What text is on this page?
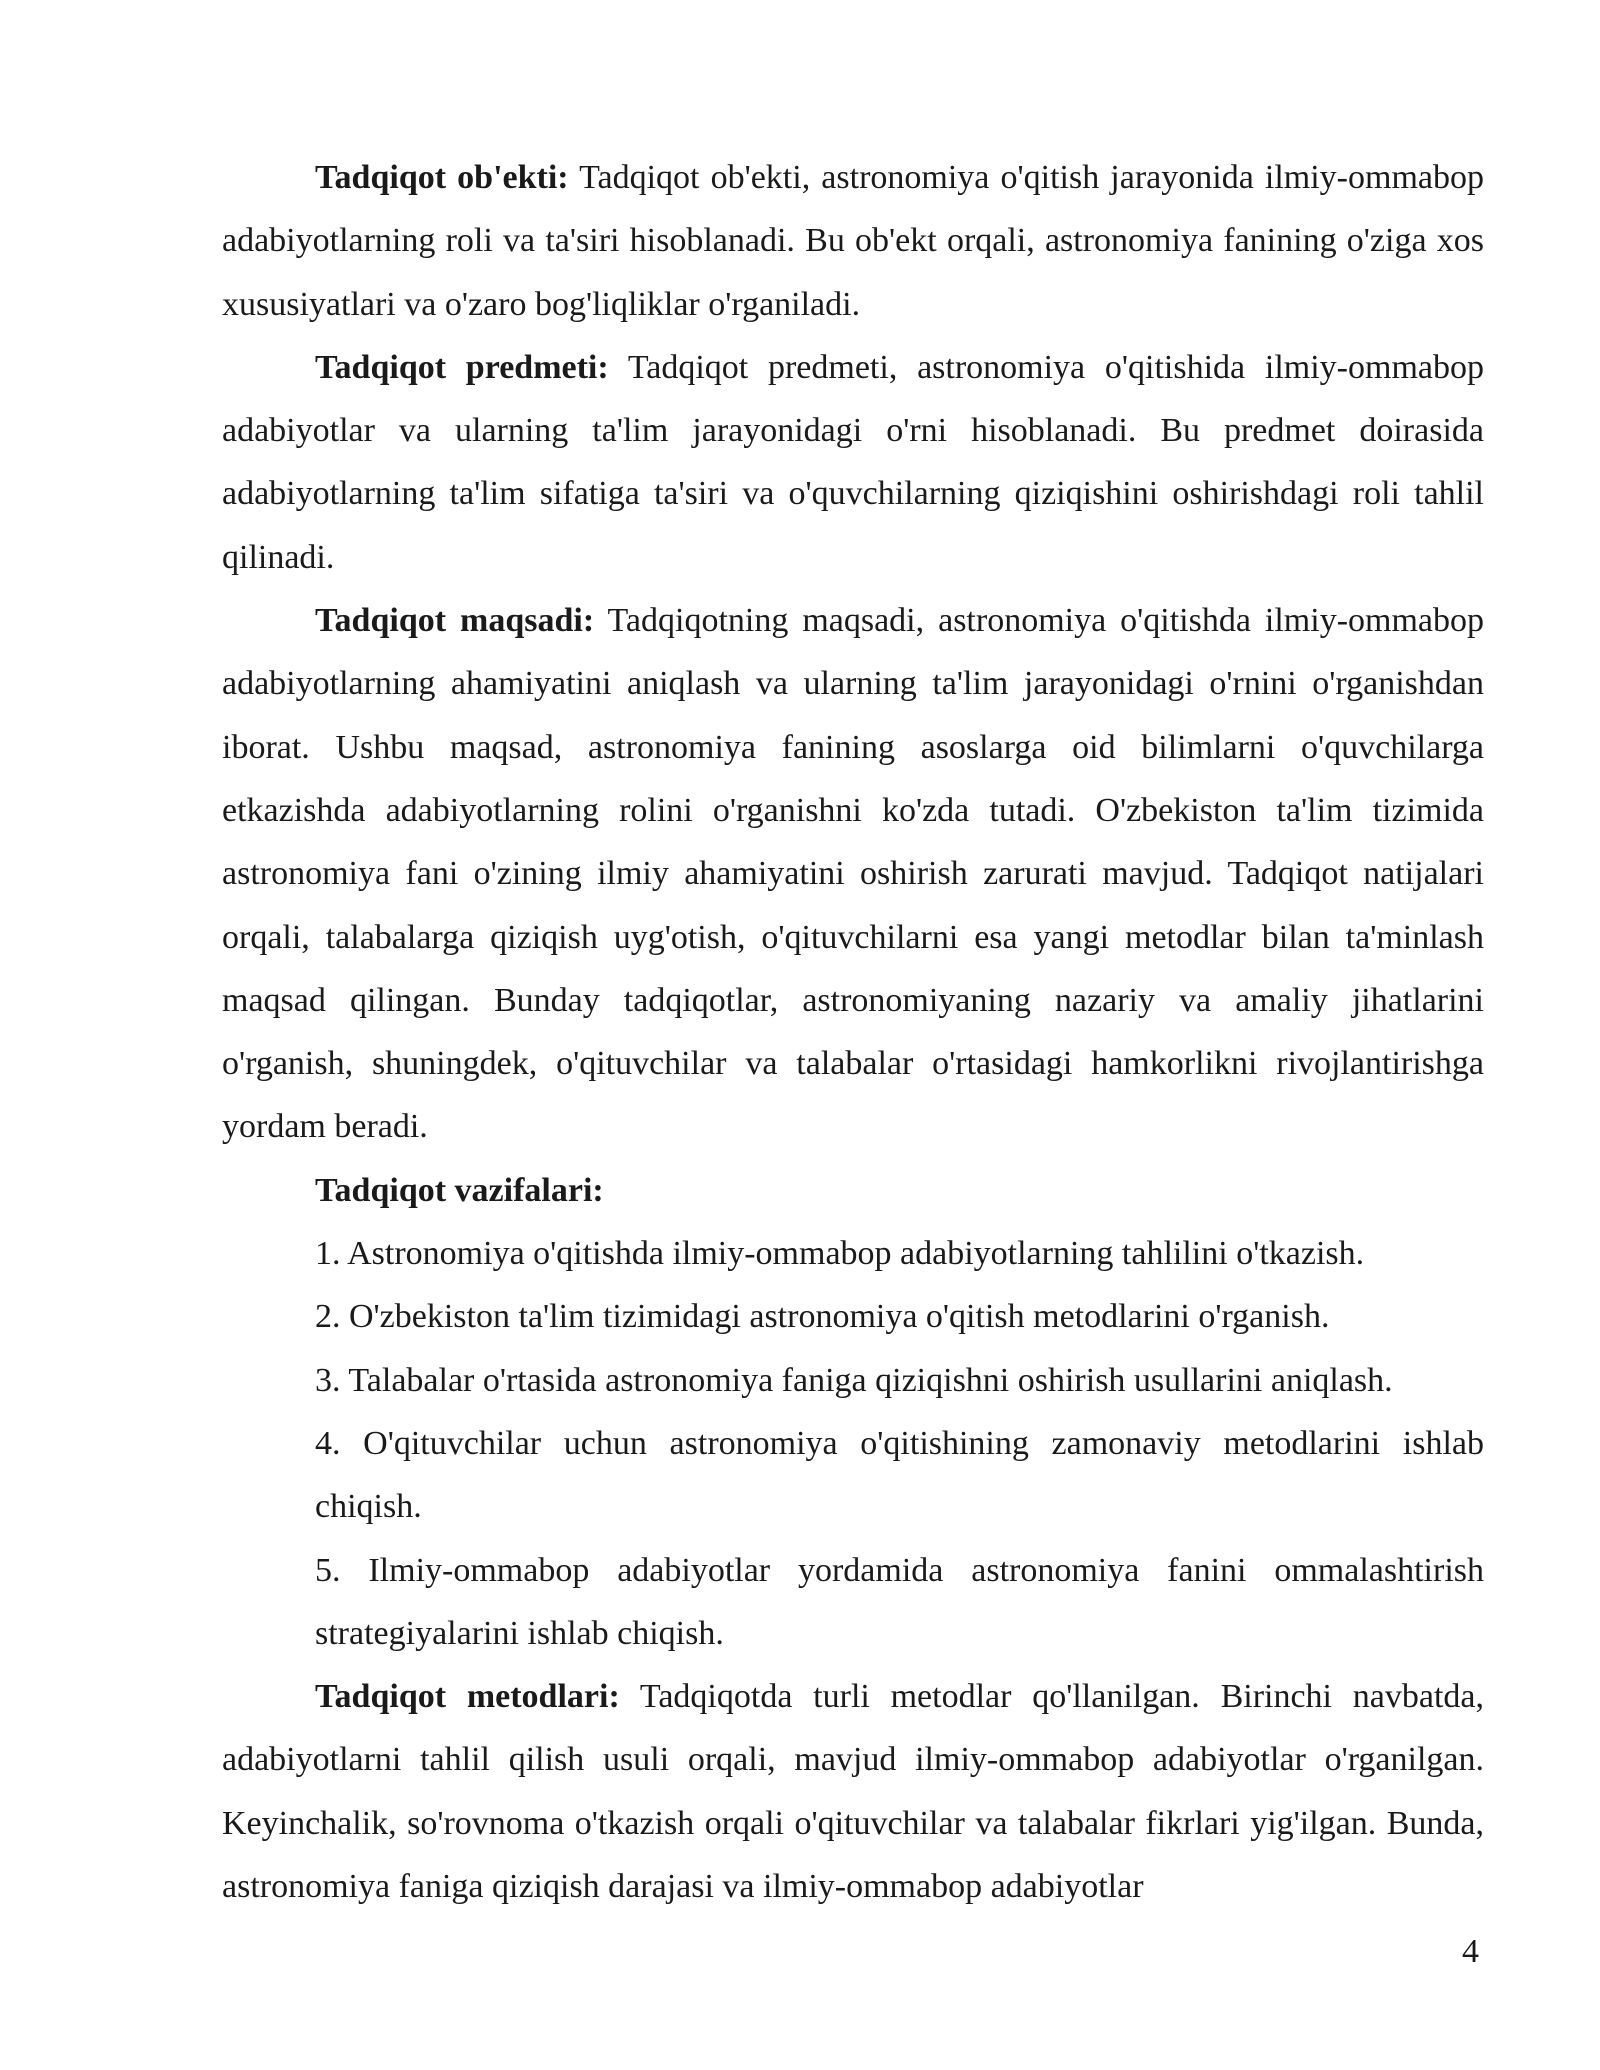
Tadqiqot ob'ekti: Tadqiqot ob'ekti, astronomiya o'qitish jarayonida ilmiy-ommabop adabiyotlarning roli va ta'siri hisoblanadi. Bu ob'ekt orqali, astronomiya fanining o'ziga xos xususiyatlari va o'zaro bog'liqliklar o'rganiladi.

Tadqiqot predmeti: Tadqiqot predmeti, astronomiya o'qitishida ilmiy-ommabop adabiyotlar va ularning ta'lim jarayonidagi o'rni hisoblanadi. Bu predmet doirasida adabiyotlarning ta'lim sifatiga ta'siri va o'quvchilarning qiziqishini oshirishdagi roli tahlil qilinadi.

Tadqiqot maqsadi: Tadqiqotning maqsadi, astronomiya o'qitishda ilmiy-ommabop adabiyotlarning ahamiyatini aniqlash va ularning ta'lim jarayonidagi o'rnini o'rganishdan iborat. Ushbu maqsad, astronomiya fanining asoslarga oid bilimlarni o'quvchilarga etkazishda adabiyotlarning rolini o'rganishni ko'zda tutadi. O'zbekiston ta'lim tizimida astronomiya fani o'zining ilmiy ahamiyatini oshirish zarurati mavjud. Tadqiqot natijalari orqali, talabalarga qiziqish uyg'otish, o'qituvchilarni esa yangi metodlar bilan ta'minlash maqsad qilingan. Bunday tadqiqotlar, astronomiyaning nazariy va amaliy jihatlarini o'rganish, shuningdek, o'qituvchilar va talabalar o'rtasidagi hamkorlikni rivojlantirishga yordam beradi.

Tadqiqot vazifalari:

1. Astronomiya o'qitishda ilmiy-ommabop adabiyotlarning tahlilini o'tkazish.

2. O'zbekiston ta'lim tizimidagi astronomiya o'qitish metodlarini o'rganish.

3. Talabalar o'rtasida astronomiya faniga qiziqishni oshirish usullarini aniqlash.

4. O'qituvchilar uchun astronomiya o'qitishining zamonaviy metodlarini ishlab chiqish.

5. Ilmiy-ommabop adabiyotlar yordamida astronomiya fanini ommalashtirish strategiyalarini ishlab chiqish.

Tadqiqot metodlari: Tadqiqotda turli metodlar qo'llanilgan. Birinchi navbatda, adabiyotlarni tahlil qilish usuli orqali, mavjud ilmiy-ommabop adabiyotlar o'rganilgan. Keyinchalik, so'rovnoma o'tkazish orqali o'qituvchilar va talabalar fikrlari yig'ilgan. Bunda, astronomiya faniga qiziqish darajasi va ilmiy-ommabop adabiyotlar

4
